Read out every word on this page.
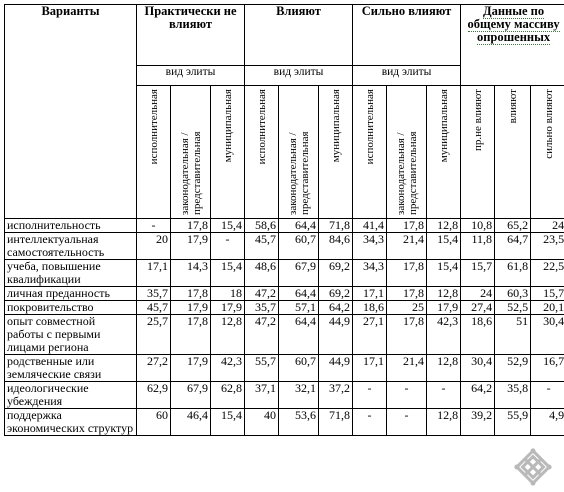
Варианты	Практически не влияют			Влияют			Сильно влияют			Данные по общему массиву опрошенных		
	вид элиты			вид элиты			вид элиты					

	исполнительная	законодательная / представительная	муниципальная	исполнительная	законодательная / представительная	муниципальная	исполнительная	законодательная / представительная	муниципальная	пр.не влияют	влияют	сильно влияют

исполнительность	-	17,8	15,4	58,6	64,4	71,8	41,4	17,8	12,8	10,8	65,2	24
интеллектуальная самостоятельность	20	17,9	-	45,7	60,7	84,6	34,3	21,4	15,4	11,8	64,7	23,5
учеба, повышение квалификации	17,1	14,3	15,4	48,6	67,9	69,2	34,3	17,8	15,4	15,7	61,8	22,5
личная преданность	35,7	17,8	18	47,2	64,4	69,2	17,1	17,8	12,8	24	60,3	15,7
покровительство	45,7	17,9	17,9	35,7	57,1	64,2	18,6	25	17,9	27,4	52,5	20,1
опыт совместной работы с первыми лицами региона	25,7	17,8	12,8	47,2	64,4	44,9	27,1	17,8	42,3	18,6	51	30,4
родственные или земляческие связи	27,2	17,9	42,3	55,7	60,7	44,9	17,1	21,4	12,8	30,4	52,9	16,7
идеологические убеждения	62,9	67,9	62,8	37,1	32,1	37,2	-	-	-	64,2	35,8	-
поддержка экономических структур	60	46,4	15,4	40	53,6	71,8	-	-	12,8	39,2	55,9	4,9
